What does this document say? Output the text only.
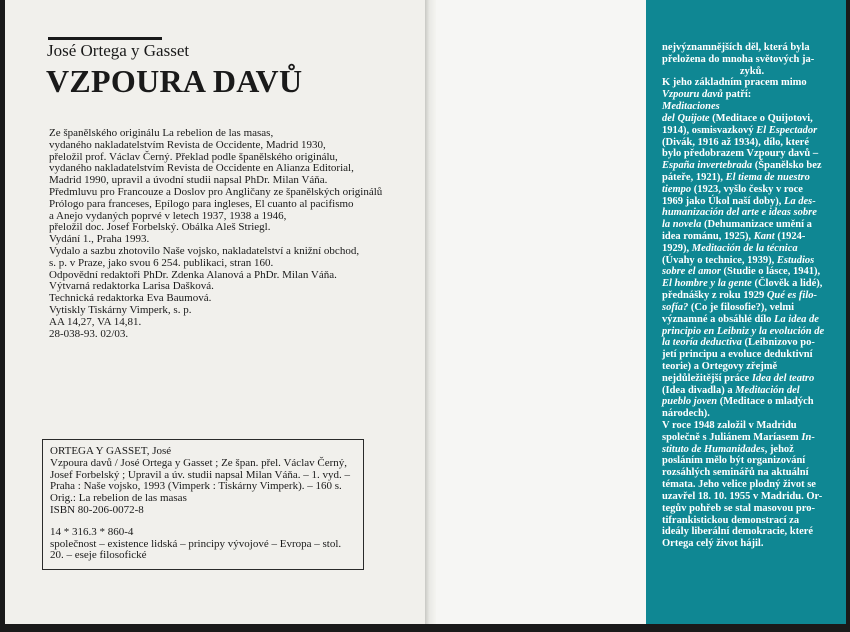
José Ortega y Gasset
VZPOURA DAVŮ
Ze španělského originálu La rebelion de las masas,
vydaného nakladatelstvím Revista de Occidente, Madrid 1930,
přeložil prof. Václav Černý. Překlad podle španělského originálu,
vydaného nakladatelstvím Revista de Occidente en Alianza Editorial,
Madrid 1990, upravil a úvodní studii napsal PhDr. Milan Váňa.
Předmluvu pro Francouze a Doslov pro Angličany ze španělských originálů
Prólogo para franceses, Epílogo para ingleses, El cuanto al pacifismo
a Anejo vydaných poprvé v letech 1937, 1938 a 1946,
přeložil doc. Josef Forbelský. Obálka Aleš Striegl.
Vydání 1., Praha 1993.
Vydalo a sazbu zhotovilo Naše vojsko, nakladatelství a knižní obchod,
s. p. v Praze, jako svou 6 254. publikaci, stran 160.
Odpovědní redaktoři PhDr. Zdenka Alanová a PhDr. Milan Váňa.
Výtvarná redaktorka Larisa Dašková.
Technická redaktorka Eva Baumová.
Vytiskly Tiskárny Vimperk, s. p.
AA 14,27, VA 14,81.
28-038-93. 02/03.
ORTEGA Y GASSET, José
Vzpoura davů / José Ortega y Gasset ; Ze špan. přel. Václav Černý,
Josef Forbelský ; Upravil a úv. studii napsal Milan Váňa. – 1. vyd. –
Praha : Naše vojsko, 1993 (Vimperk : Tiskárny Vimperk). – 160 s.
Orig.: La rebelion de las masas
ISBN 80-206-0072-8
14 * 316.3 * 860-4
společnost – existence lidská – principy vývojové – Evropa – stol.
20. – eseje filosofické
nejvýznamnějších děl, která byla
přeložena do mnoha světových ja-
zyků.
K jeho základním pracem mimo
Vzpouru davů patří:
Meditaciones
del Quijote (Meditace o Quijotovi,
1914), osmisvazkový El Espectador
(Divák, 1916 až 1934), dílo, které
bylo předobrazem Vzpoury davů –
España invertebrada (Španělsko bez
páteře, 1921), El tiema de nuestro
tiempo (1923, vyšlo česky v roce
1969 jako Úkol naší doby), La des-
humanización del arte e ideas sobre
la novela (Dehumanizace umění a
idea románu, 1925), Kant (1924-
1929), Meditación de la técnica
(Úvahy o technice, 1939), Estudios
sobre el amor (Studie o lásce, 1941),
El hombre y la gente (Člověk a lidé),
přednášky z roku 1929 Qué es filo-
sofía? (Co je filosofie?), velmi
významné a obsáhlé dílo La idea de
principio en Leibniz y la evolución de
la teoría deductiva (Leibnizovo po-
jetí principu a evoluce deduktivní
teorie) a Ortegovy zřejmě
nejdůležitější práce Idea del teatro
(Idea divadla) a Meditación del
pueblo joven (Meditace o mladých
národech).
V roce 1948 založil v Madridu
společně s Juliánem Maríasem In-
stituto de Humanidades, jehož
posláním mělo být organizování
rozsáhlých seminářů na aktuální
témata. Jeho velice plodný život se
uzavřel 18. 10. 1955 v Madridu. Or-
tegův pohřeb se stal masovou pro-
tifrankistickou demonstrací za
ideály liberální demokracie, které
Ortega celý život hájil.
